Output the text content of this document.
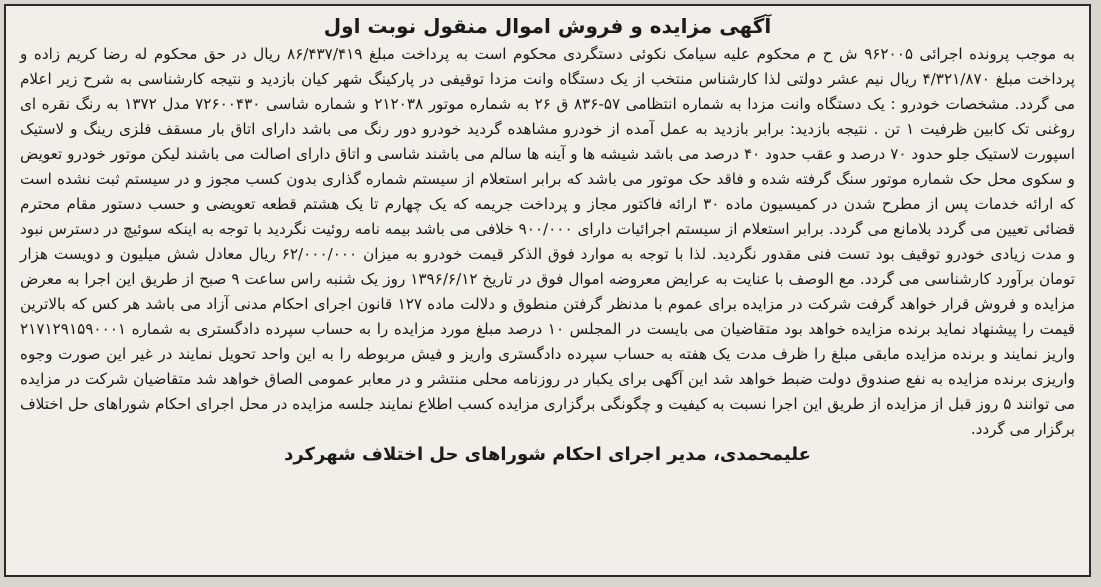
آگهی مزایده و فروش اموال منقول نوبت اول

به موجب پرونده اجرائی ۹۶۲۰۰۵ ش ح م محکوم علیه سیامک نکوئی دستگردی محکوم است به پرداخت مبلغ ۸۶/۴۳۷/۴۱۹ ریال در حق محکوم له رضا کریم زاده و پرداخت مبلغ ۴/۳۲۱/۸۷۰ ریال نیم عشر دولتی لذا کارشناس منتخب از یک دستگاه وانت مزدا توقیفی در پارکینگ شهر کیان بازدید و نتیجه کارشناسی به شرح زیر اعلام می گردد. مشخصات خودرو : یک دستگاه وانت مزدا به شماره انتظامی ۵۷-۸۳۶ ق ۲۶ به شماره موتور ۲۱۲۰۳۸ و شماره شاسی ۷۲۶۰۰۴۳۰ مدل ۱۳۷۲ به رنگ نقره ای روغنی تک کابین ظرفیت ۱ تن . نتیجه بازدید: برابر بازدید به عمل آمده از خودرو مشاهده گردید خودرو دور رنگ می باشد دارای اتاق بار مسقف فلزی رینگ و لاستیک اسپورت لاستیک جلو حدود ۷۰ درصد و عقب حدود ۴۰ درصد می باشد شیشه ها و آینه ها سالم می باشند شاسی و اتاق دارای اصالت می باشند لیکن موتور خودرو تعویض و سکوی محل حک شماره موتور سنگ گرفته شده و فاقد حک موتور می باشد که برابر استعلام از سیستم شماره گذاری بدون کسب مجوز و در سیستم ثبت نشده است که ارائه خدمات پس از مطرح شدن در کمیسیون ماده ۳۰ ارائه فاکتور مجاز و پرداخت جریمه که یک چهارم تا یک هشتم قطعه تعویضی و حسب دستور مقام محترم قضائی تعیین می گردد بلامانع می گردد. برابر استعلام از سیستم اجرائیات دارای ۹۰۰/۰۰۰ خلافی می باشد بیمه نامه روئیت نگردید با توجه به اینکه سوئیچ در دسترس نبود و مدت زیادی خودرو توقیف بود تست فنی مقدور نگردید. لذا با توجه به موارد فوق الذکر قیمت خودرو به میزان ۶۲/۰۰۰/۰۰۰ ریال معادل شش میلیون و دویست هزار تومان برآورد کارشناسی می گردد. مع الوصف با عنایت به عرایض معروضه اموال فوق در تاریخ ۱۳۹۶/۶/۱۲ روز یک شنبه راس ساعت ۹ صبح از طریق این اجرا به معرض مزایده و فروش قرار خواهد گرفت شرکت در مزایده برای عموم با مدنظر گرفتن منطوق و دلالت ماده ۱۲۷ قانون اجرای احکام مدنی آزاد می باشد هر کس که بالاترین قیمت را پیشنهاد نماید برنده مزایده خواهد بود متقاضیان می بایست در المجلس ۱۰ درصد مبلغ مورد مزایده را به حساب سپرده دادگستری به شماره ۲۱۷۱۲۹۱۵۹۰۰۰۱ واریز نمایند و برنده مزایده مابقی مبلغ را ظرف مدت یک هفته به حساب سپرده دادگستری واریز و فیش مربوطه را به این واحد تحویل نمایند در غیر این صورت وجوه واریزی برنده مزایده به نفع صندوق دولت ضبط خواهد شد این آگهی برای یکبار در روزنامه محلی منتشر و در معابر عمومی الصاق خواهد شد متقاضیان شرکت در مزایده می توانند ۵ روز قبل از مزایده از طریق این اجرا نسبت به کیفیت و چگونگی برگزاری مزایده کسب اطلاع نمایند جلسه مزایده در محل اجرای احکام شوراهای حل اختلاف برگزار می گردد.

علیمحمدی، مدیر اجرای احکام شوراهای حل اختلاف شهرکرد
